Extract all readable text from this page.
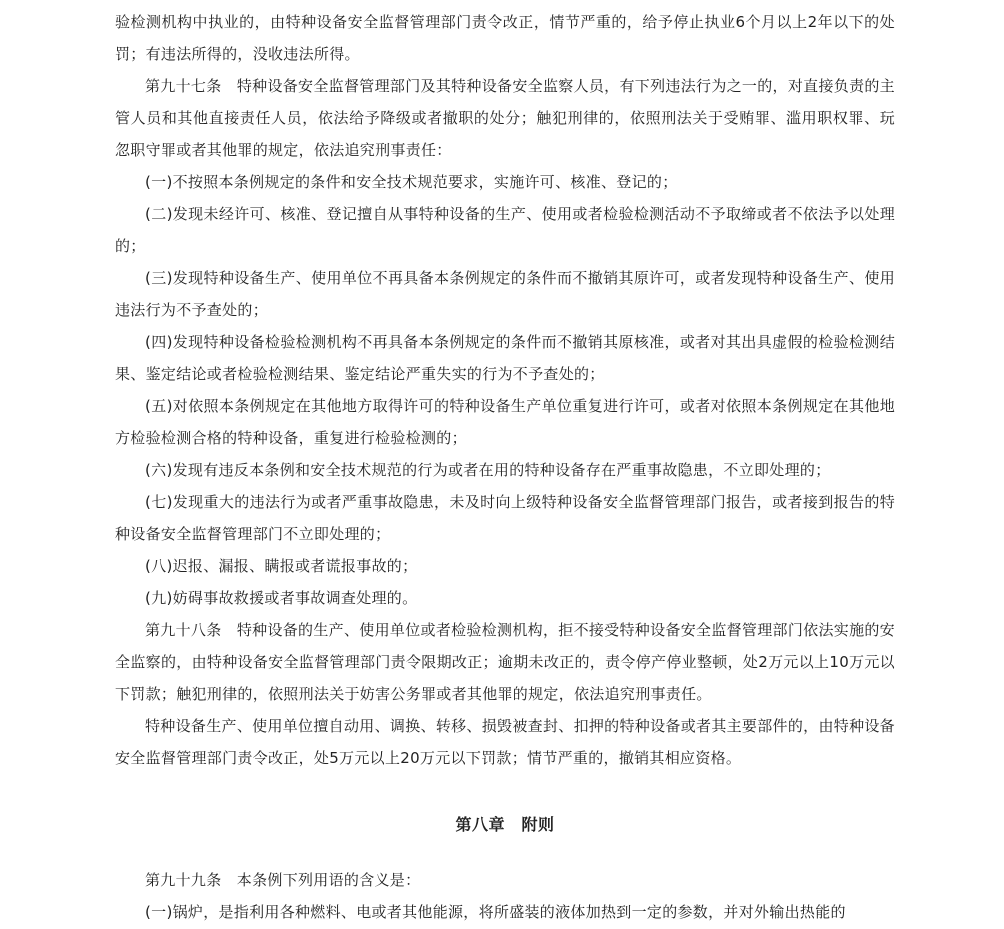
验检测机构中执业的，由特种设备安全监督管理部门责令改正，情节严重的，给予停止执业6个月以上2年以下的处罚；有违法所得的，没收违法所得。

第九十七条　特种设备安全监督管理部门及其特种设备安全监察人员，有下列违法行为之一的，对直接负责的主管人员和其他直接责任人员，依法给予降级或者撤职的处分；触犯刑律的，依照刑法关于受贿罪、滥用职权罪、玩忽职守罪或者其他罪的规定，依法追究刑事责任：

(一)不按照本条例规定的条件和安全技术规范要求，实施许可、核准、登记的；

(二)发现未经许可、核准、登记擅自从事特种设备的生产、使用或者检验检测活动不予取缔或者不依法予以处理的；

(三)发现特种设备生产、使用单位不再具备本条例规定的条件而不撤销其原许可，或者发现特种设备生产、使用违法行为不予查处的；

(四)发现特种设备检验检测机构不再具备本条例规定的条件而不撤销其原核准，或者对其出具虚假的检验检测结果、鉴定结论或者检验检测结果、鉴定结论严重失实的行为不予查处的；

(五)对依照本条例规定在其他地方取得许可的特种设备生产单位重复进行许可，或者对依照本条例规定在其他地方检验检测合格的特种设备，重复进行检验检测的；

(六)发现有违反本条例和安全技术规范的行为或者在用的特种设备存在严重事故隐患，不立即处理的；

(七)发现重大的违法行为或者严重事故隐患，未及时向上级特种设备安全监督管理部门报告，或者接到报告的特种设备安全监督管理部门不立即处理的；

(八)迟报、漏报、瞒报或者谎报事故的；

(九)妨碍事故救援或者事故调查处理的。

第九十八条　特种设备的生产、使用单位或者检验检测机构，拒不接受特种设备安全监督管理部门依法实施的安全监察的，由特种设备安全监督管理部门责令限期改正；逾期未改正的，责令停产停业整顿，处2万元以上10万元以下罚款；触犯刑律的，依照刑法关于妨害公务罪或者其他罪的规定，依法追究刑事责任。

特种设备生产、使用单位擅自动用、调换、转移、损毁被查封、扣押的特种设备或者其主要部件的，由特种设备安全监督管理部门责令改正，处5万元以上20万元以下罚款；情节严重的，撤销其相应资格。

第八章　附则

第九十九条　本条例下列用语的含义是：

(一)锅炉，是指利用各种燃料、电或者其他能源，将所盛装的液体加热到一定的参数，并对外输出热能的
